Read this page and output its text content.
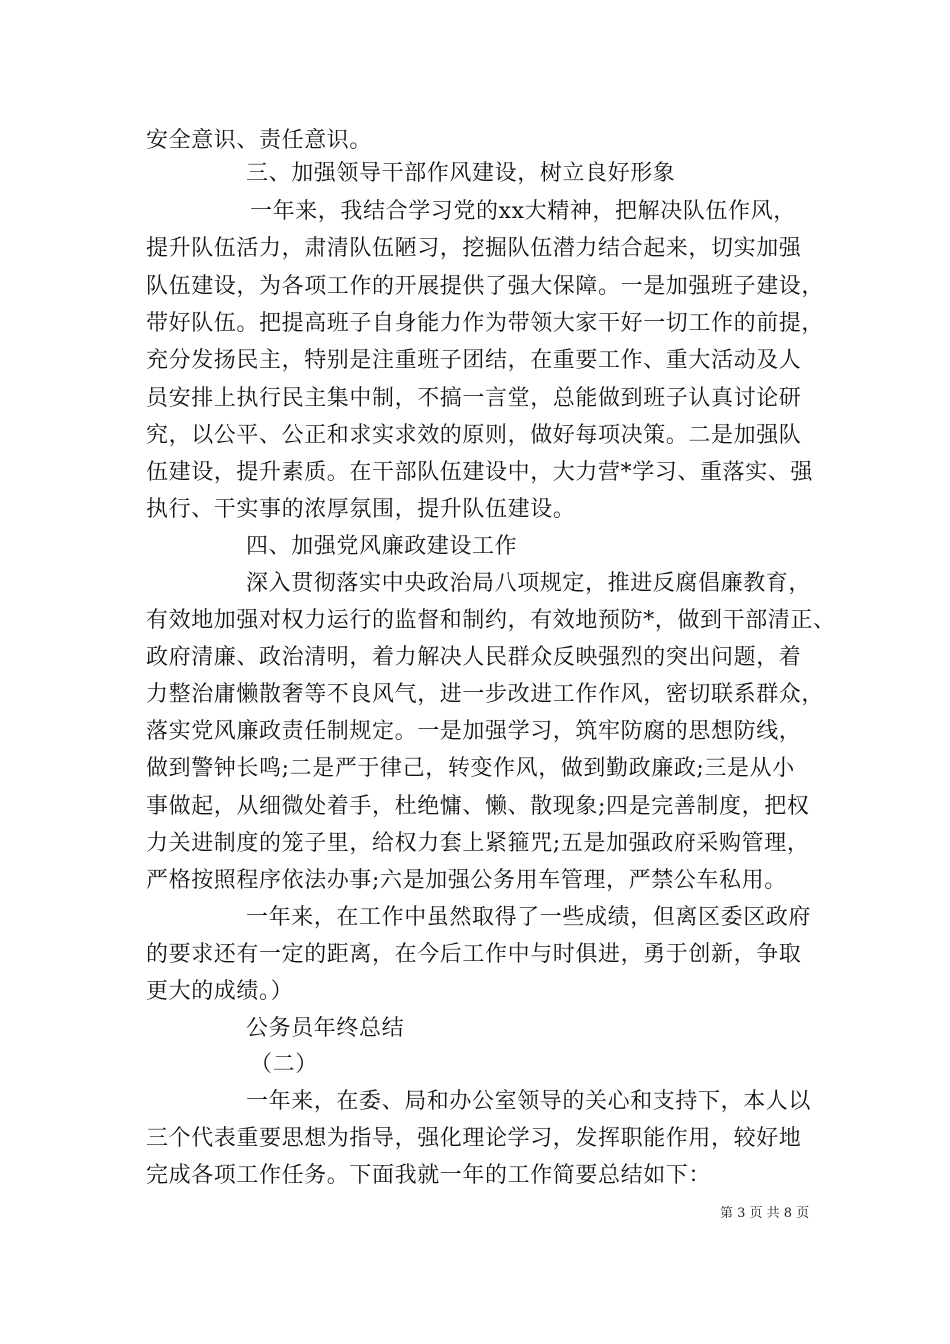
安全意识、责任意识。
三、加强领导干部作风建设，树立良好形象
一年来，我结合学习党的xx大精神，把解决队伍作风，
提升队伍活力，肃清队伍陋习，挖掘队伍潜力结合起来，切实加强
队伍建设，为各项工作的开展提供了强大保障。一是加强班子建设，
带好队伍。把提高班子自身能力作为带领大家干好一切工作的前提，
充分发扬民主，特别是注重班子团结，在重要工作、重大活动及人
员安排上执行民主集中制，不搞一言堂，总能做到班子认真讨论研
究，以公平、公正和求实求效的原则，做好每项决策。二是加强队
伍建设，提升素质。在干部队伍建设中，大力营*学习、重落实、强
执行、干实事的浓厚氛围，提升队伍建设。
四、加强党风廉政建设工作
深入贯彻落实中央政治局八项规定，推进反腐倡廉教育，
有效地加强对权力运行的监督和制约，有效地预防*，做到干部清正、
政府清廉、政治清明，着力解决人民群众反映强烈的突出问题，着
力整治庸懒散奢等不良风气，进一步改进工作作风，密切联系群众，
落实党风廉政责任制规定。一是加强学习，筑牢防腐的思想防线，
做到警钟长鸣;二是严于律己，转变作风，做到勤政廉政;三是从小
事做起，从细微处着手，杜绝慵、懒、散现象;四是完善制度，把权
力关进制度的笼子里，给权力套上紧箍咒;五是加强政府采购管理，
严格按照程序依法办事;六是加强公务用车管理，严禁公车私用。
一年来，在工作中虽然取得了一些成绩，但离区委区政府
的要求还有一定的距离，在今后工作中与时俱进，勇于创新，争取
更大的成绩。）
公务员年终总结
（二）
一年来，在委、局和办公室领导的关心和支持下，本人以
三个代表重要思想为指导，强化理论学习，发挥职能作用，较好地
完成各项工作任务。下面我就一年的工作简要总结如下：
第 3 页 共 8 页
